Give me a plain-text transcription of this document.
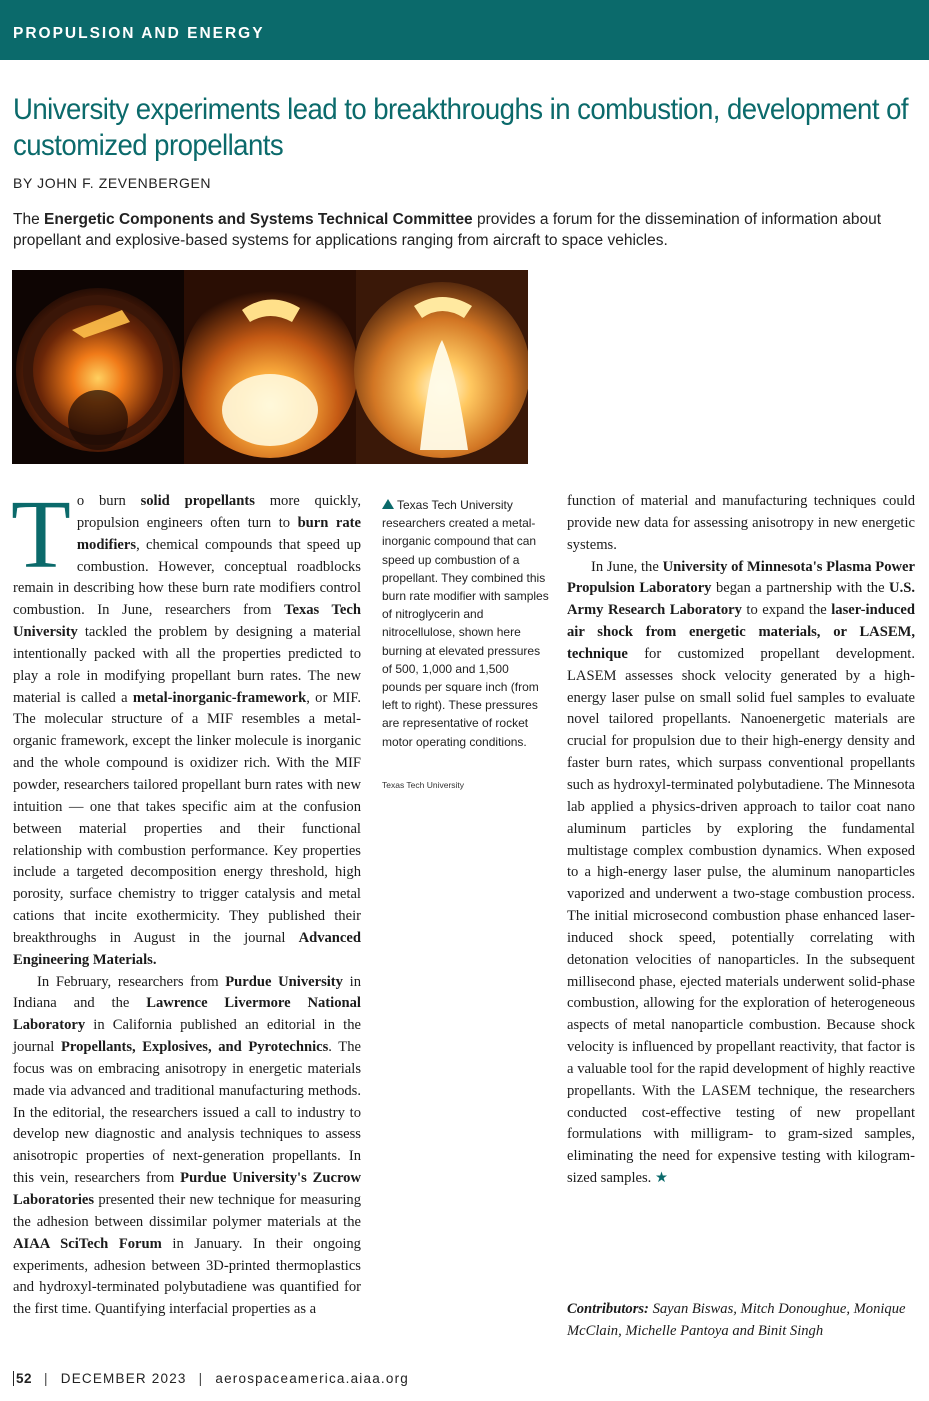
PROPULSION AND ENERGY
University experiments lead to breakthroughs in combustion, development of customized propellants
BY JOHN F. ZEVENBERGEN

The Energetic Components and Systems Technical Committee provides a forum for the dissemination of information about propellant and explosive-based systems for applications ranging from aircraft to space vehicles.

To burn solid propellants more quickly, propulsion engineers often turn to burn rate modifiers, chemical compounds that speed up combustion. However, conceptual roadblocks remain in describing how these burn rate modifiers control combustion. In June, researchers from Texas Tech University tackled the problem by designing a material intentionally packed with all the properties predicted to play a role in modifying propellant burn rates. The new material is called a metal-inorganic-framework, or MIF. The molecular structure of a MIF resembles a metal-organic framework, except the linker molecule is inorganic and the whole compound is oxidizer rich. With the MIF powder, researchers tailored propellant burn rates with new intuition — one that takes specific aim at the confusion between material properties and their functional relationship with combustion performance. Key properties include a targeted decomposition energy threshold, high porosity, surface chemistry to trigger catalysis and metal cations that incite exothermicity. They published their breakthroughs in August in the journal Advanced Engineering Materials.

In February, researchers from Purdue University in Indiana and the Lawrence Livermore National Laboratory in California published an editorial in the journal Propellants, Explosives, and Pyrotechnics. The focus was on embracing anisotropy in energetic materials made via advanced and traditional manufacturing methods. In the editorial, the researchers issued a call to industry to develop new diagnostic and analysis techniques to assess anisotropic properties of next-generation propellants. In this vein, researchers from Purdue University's Zucrow Laboratories presented their new technique for measuring the adhesion between dissimilar polymer materials at the AIAA SciTech Forum in January. In their ongoing experiments, adhesion between 3D-printed thermoplastics and hydroxyl-terminated polybutadiene was quantified for the first time. Quantifying interfacial properties as a

Texas Tech University researchers created a metal-inorganic compound that can speed up combustion of a propellant. They combined this burn rate modifier with samples of nitroglycerin and nitrocellulose, shown here burning at elevated pressures of 500, 1,000 and 1,500 pounds per square inch (from left to right). These pressures are representative of rocket motor operating conditions.

Texas Tech University

function of material and manufacturing techniques could provide new data for assessing anisotropy in new energetic systems.

In June, the University of Minnesota's Plasma Power Propulsion Laboratory began a partnership with the U.S. Army Research Laboratory to expand the laser-induced air shock from energetic materials, or LASEM, technique for customized propellant development. LASEM assesses shock velocity generated by a high-energy laser pulse on small solid fuel samples to evaluate novel tailored propellants. Nanoenergetic materials are crucial for propulsion due to their high-energy density and faster burn rates, which surpass conventional propellants such as hydroxyl-terminated polybutadiene. The Minnesota lab applied a physics-driven approach to tailor coat nano aluminum particles by exploring the fundamental multistage complex combustion dynamics. When exposed to a high-energy laser pulse, the aluminum nanoparticles vaporized and underwent a two-stage combustion process. The initial microsecond combustion phase enhanced laser-induced shock speed, potentially correlating with detonation velocities of nanoparticles. In the subsequent millisecond phase, ejected materials underwent solid-phase combustion, allowing for the exploration of heterogeneous aspects of metal nanoparticle combustion. Because shock velocity is influenced by propellant reactivity, that factor is a valuable tool for the rapid development of highly reactive propellants. With the LASEM technique, the researchers conducted cost-effective testing of new propellant formulations with milligram- to gram-sized samples, eliminating the need for expensive testing with kilogram-sized samples. ★

Contributors: Sayan Biswas, Mitch Donoughue, Monique McClain, Michelle Pantoya and Binit Singh

52 | DECEMBER 2023 | aerospaceamerica.aiaa.org
